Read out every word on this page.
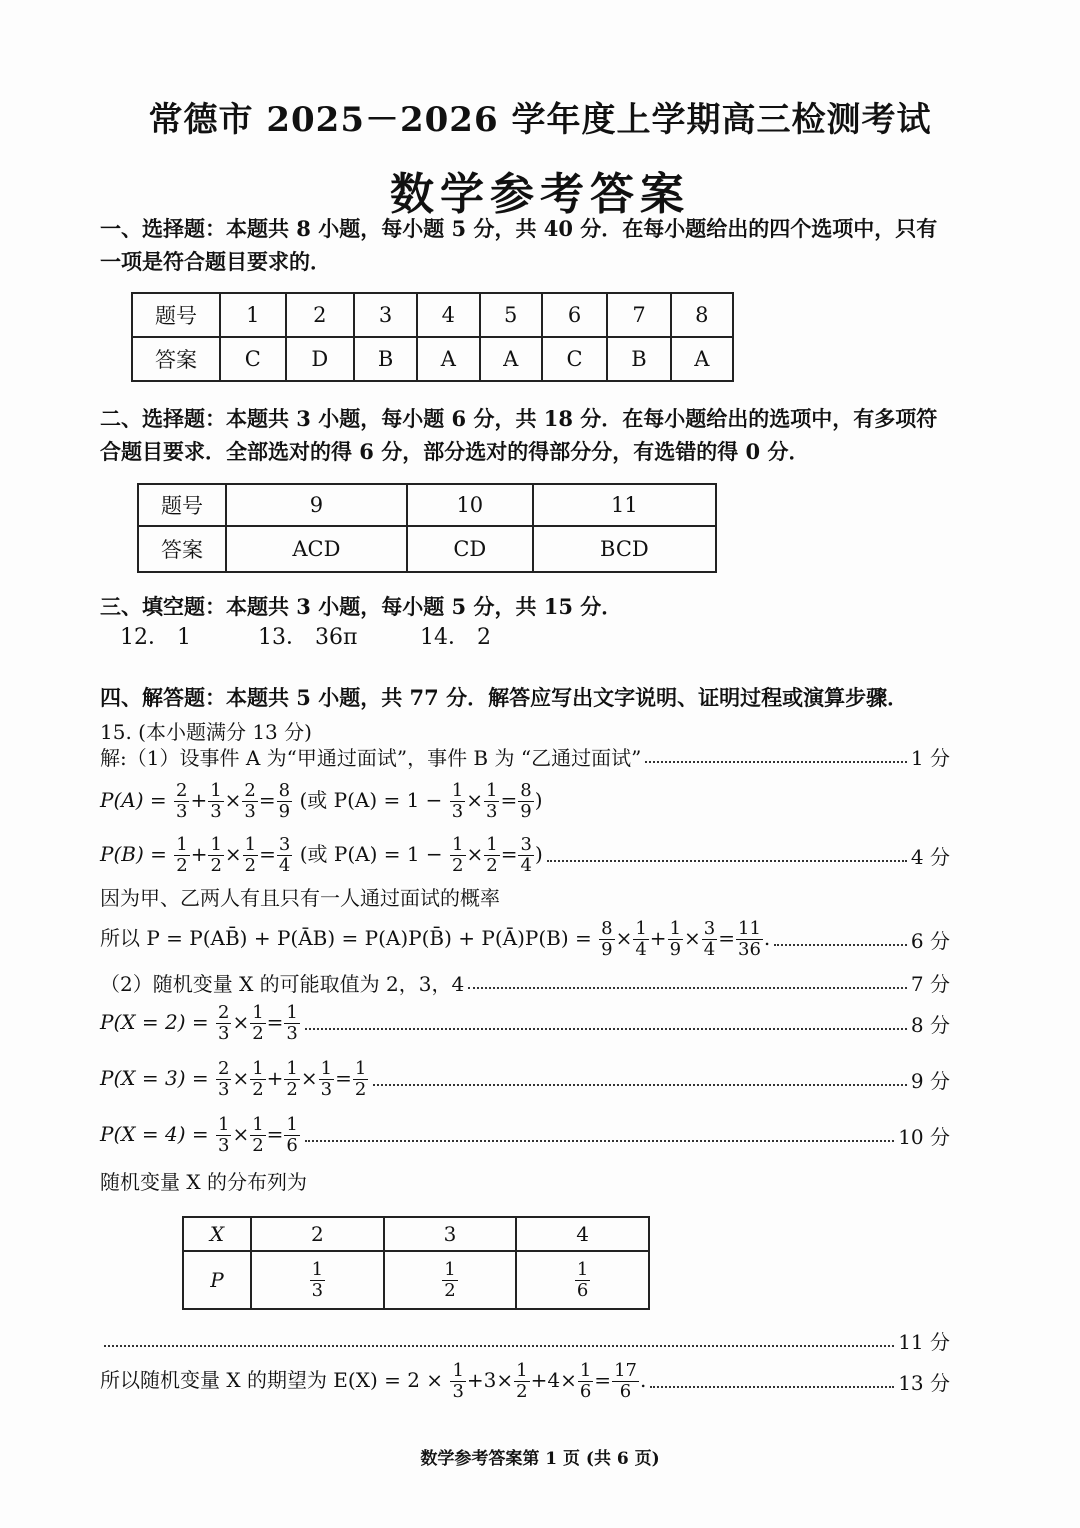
常德市 2025－2026 学年度上学期高三检测考试
数学参考答案
一、选择题：本题共 8 小题，每小题 5 分，共 40 分．在每小题给出的四个选项中，只有
一项是符合题目要求的．
题号	1	2	3	4	5	6	7	8
答案	C	D	B	A	A	C	B	A
二、选择题：本题共 3 小题，每小题 6 分，共 18 分．在每小题给出的选项中，有多项符
合题目要求．全部选对的得 6 分，部分选对的得部分分，有选错的得 0 分．
题号	9	10	11
答案	ACD	CD	BCD
三、填空题：本题共 3 小题，每小题 5 分，共 15 分．
12． 1	13． 36π	14． 2
四、解答题：本题共 5 小题，共 77 分．解答应写出文字说明、证明过程或演算步骤．
15. (本小题满分 13 分)
解:（1）设事件 A 为“甲通过面试”，事件 B 为 “乙通过面试”	1 分
$P(A) = \frac{2}{3} + \frac{1}{3} \times \frac{2}{3} = \frac{8}{9}$ (或 $P(A) = 1 - \frac{1}{3} \times \frac{1}{3} = \frac{8}{9}$ )
$P(B) = \frac{1}{2} + \frac{1}{2} \times \frac{1}{2} = \frac{3}{4}$ (或 $P(A) = 1 - \frac{1}{2} \times \frac{1}{2} = \frac{3}{4}$ )	4 分
因为甲、乙两人有且只有一人通过面试的概率
所以 P = P(AB̄) + P(ĀB) = P(A)P(B̄) + P(Ā)P(B) = $\frac{8}{9} \times \frac{1}{4} + \frac{1}{9} \times \frac{3}{4} = \frac{11}{36}$ .	6 分
（2）随机变量 X 的可能取值为 2，3，4	7 分
$P(X = 2) = \frac{2}{3} \times \frac{1}{2} = \frac{1}{3}$	8 分
$P(X = 3) = \frac{2}{3} \times \frac{1}{2} + \frac{1}{2} \times \frac{1}{3} = \frac{1}{2}$	9 分
$P(X = 4) = \frac{1}{3} \times \frac{1}{2} = \frac{1}{6}$	10 分
随机变量 X 的分布列为
X	2	3	4
P	$\frac{1}{3}$	$\frac{1}{2}$	$\frac{1}{6}$
11 分
所以随机变量 X 的期望为 $E(X) = 2 \times \frac{1}{3} +3\times \frac{1}{2} +4\times \frac{1}{6} = \frac{17}{6}$ .	13 分
数学参考答案第 1 页 (共 6 页)
